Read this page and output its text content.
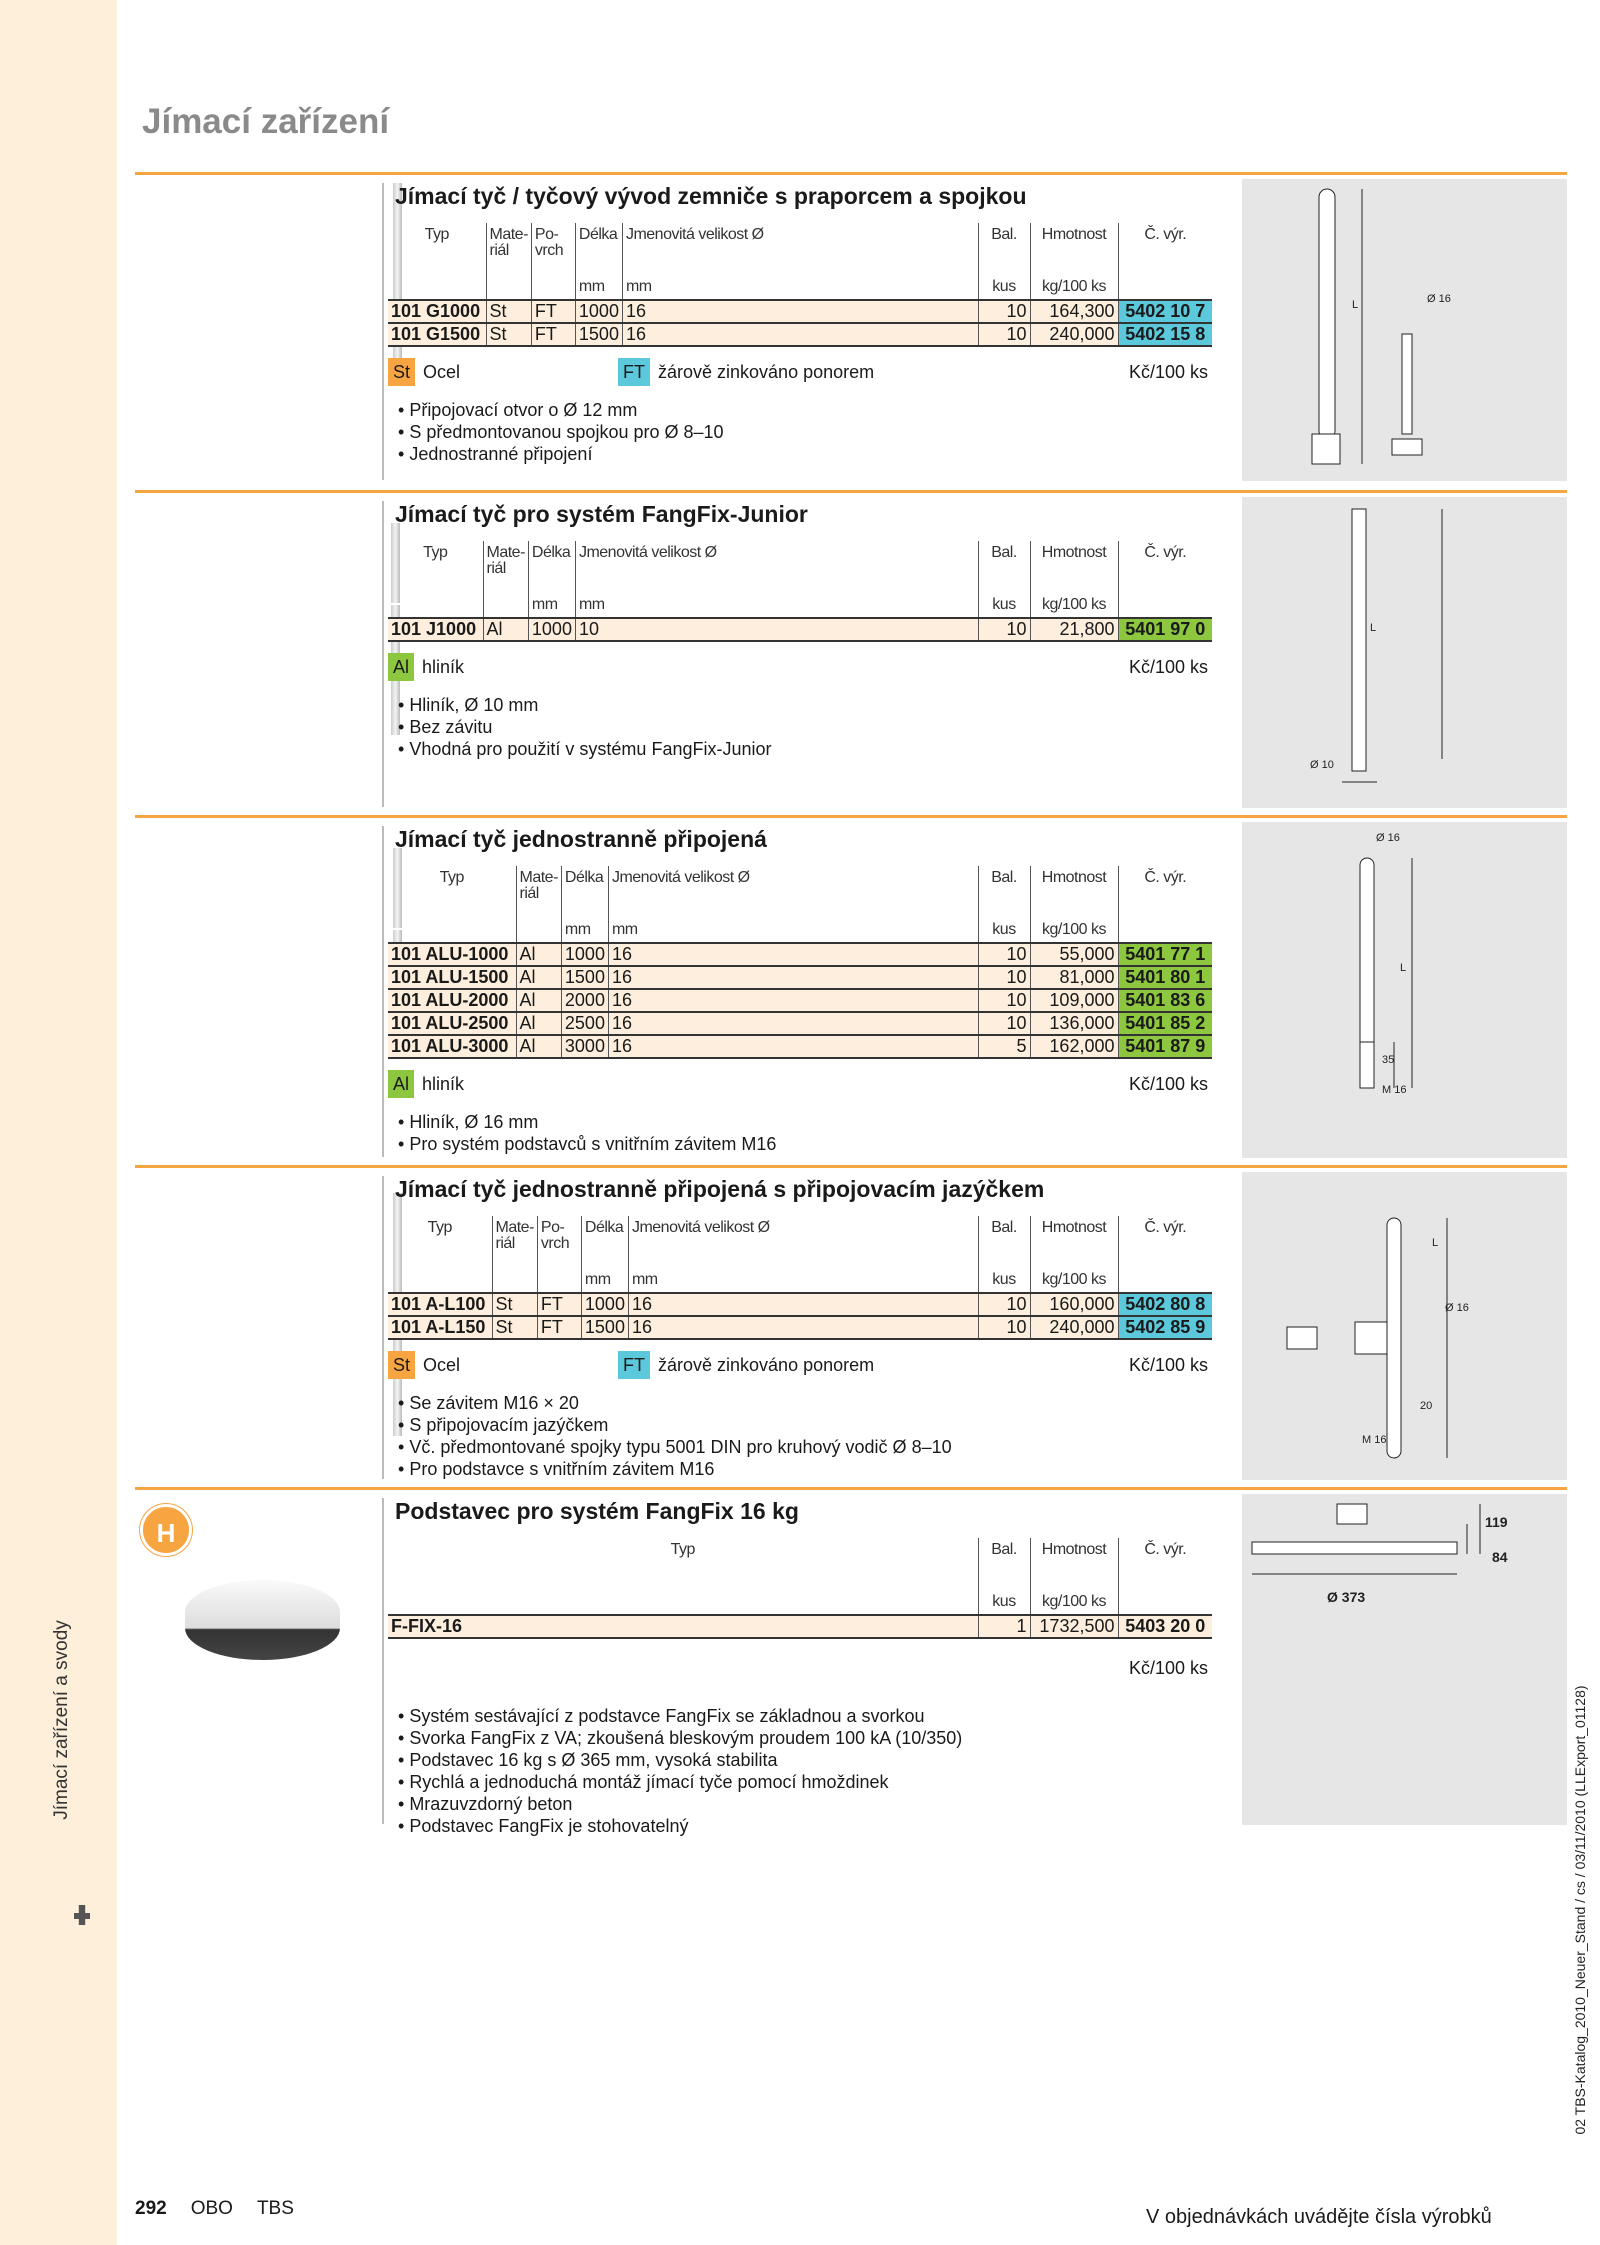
Jímací zařízení a svody
Jímací zařízení
Jímací tyč / tyčový vývod zemniče s praporcem a spojkou
Typ	Mate-riál	Po-vrch	Délka	Jmenovitá velikost Ø	Bal.	Hmotnost	Č. výr.
			mm	mm	kus	kg/100 ks	
101 G1000	St	FT	1000	16	10	164,300	5402 10 7
101 G1500	St	FT	1500	16	10	240,000	5402 15 8
St Ocel	FT žárově zinkováno ponorem	Kč/100 ks
• Připojovací otvor o Ø 12 mm
• S předmontovanou spojkou pro Ø 8–10
• Jednostranné připojení
L	Ø 16
Jímací tyč pro systém FangFix-Junior
Typ	Mate-riál	Délka	Jmenovitá velikost Ø	Bal.	Hmotnost	Č. výr.
		mm	mm	kus	kg/100 ks	
101 J1000	Al	1000	10	10	21,800	5401 97 0
Al hliník	Kč/100 ks
• Hliník, Ø 10 mm
• Bez závitu
• Vhodná pro použití v systému FangFix-Junior
L
Ø 10
Jímací tyč jednostranně připojená
Typ	Mate-riál	Délka	Jmenovitá velikost Ø	Bal.	Hmotnost	Č. výr.
		mm	mm	kus	kg/100 ks	
101 ALU-1000	Al	1000	16	10	55,000	5401 77 1
101 ALU-1500	Al	1500	16	10	81,000	5401 80 1
101 ALU-2000	Al	2000	16	10	109,000	5401 83 6
101 ALU-2500	Al	2500	16	10	136,000	5401 85 2
101 ALU-3000	Al	3000	16	5	162,000	5401 87 9
Al hliník	Kč/100 ks
• Hliník, Ø 16 mm
• Pro systém podstavců s vnitřním závitem M16
Ø 16
L
35
M 16
Jímací tyč jednostranně připojená s připojovacím jazýčkem
Typ	Mate-riál	Po-vrch	Délka	Jmenovitá velikost Ø	Bal.	Hmotnost	Č. výr.
			mm	mm	kus	kg/100 ks	
101 A-L100	St	FT	1000	16	10	160,000	5402 80 8
101 A-L150	St	FT	1500	16	10	240,000	5402 85 9
St Ocel	FT žárově zinkováno ponorem	Kč/100 ks
• Se závitem M16 × 20
• S připojovacím jazýčkem
• Vč. předmontované spojky typu 5001 DIN pro kruhový vodič Ø 8–10
• Pro podstavce s vnitřním závitem M16
Ø 16
L
20
M 16
H
Podstavec pro systém FangFix 16 kg
Typ	Bal.	Hmotnost	Č. výr.
	kus	kg/100 ks	
F-FIX-16	1	1732,500	5403 20 0
Kč/100 ks
• Systém sestávající z podstavce FangFix se základnou a svorkou
• Svorka FangFix z VA; zkoušená bleskovým proudem 100 kA (10/350)
• Podstavec 16 kg s Ø 365 mm, vysoká stabilita
• Rychlá a jednoduchá montáž jímací tyče pomocí hmoždinek
• Mrazuvzdorný beton
• Podstavec FangFix je stohovatelný
Ø 373
84
119
02 TBS-Katalog_2010_Neuer_Stand / cs / 03/11/2010 (LLExport_01128)
292 OBO TBS	V objednávkách uvádějte čísla výrobků
